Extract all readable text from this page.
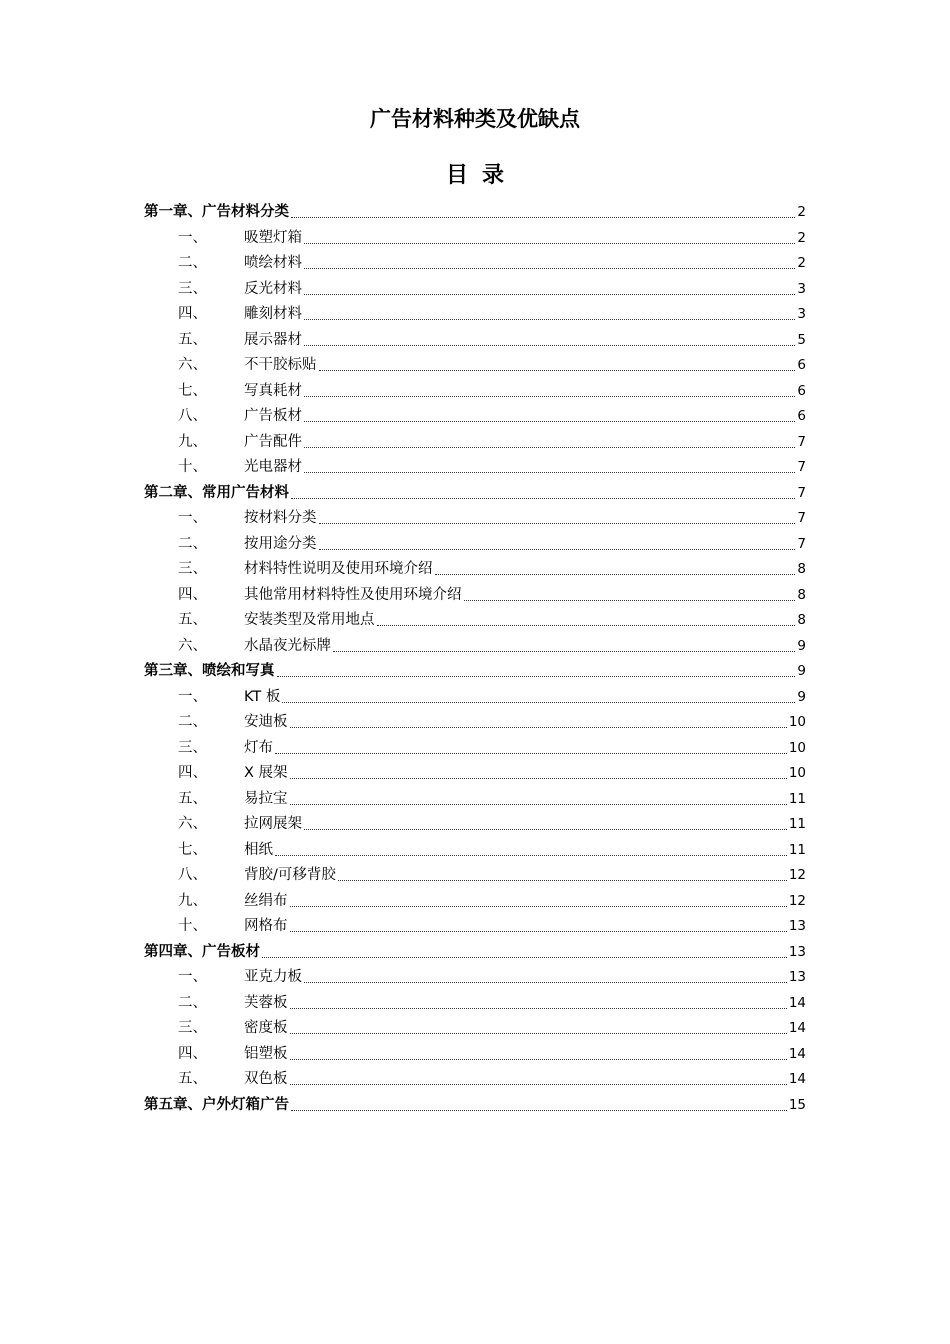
广告材料种类及优缺点
目录
第一章、广告材料分类	2
一、	吸塑灯箱	2
二、	喷绘材料	2
三、	反光材料	3
四、	雕刻材料	3
五、	展示器材	5
六、	不干胶标贴	6
七、	写真耗材	6
八、	广告板材	6
九、	广告配件	7
十、	光电器材	7
第二章、常用广告材料	7
一、	按材料分类	7
二、	按用途分类	7
三、	材料特性说明及使用环境介绍	8
四、	其他常用材料特性及使用环境介绍	8
五、	安装类型及常用地点	8
六、	水晶夜光标牌	9
第三章、喷绘和写真	9
一、	KT 板	9
二、	安迪板	10
三、	灯布	10
四、	X 展架	10
五、	易拉宝	11
六、	拉网展架	11
七、	相纸	11
八、	背胶/可移背胶	12
九、	丝绢布	12
十、	网格布	13
第四章、广告板材	13
一、	亚克力板	13
二、	芙蓉板	14
三、	密度板	14
四、	铝塑板	14
五、	双色板	14
第五章、户外灯箱广告	15
